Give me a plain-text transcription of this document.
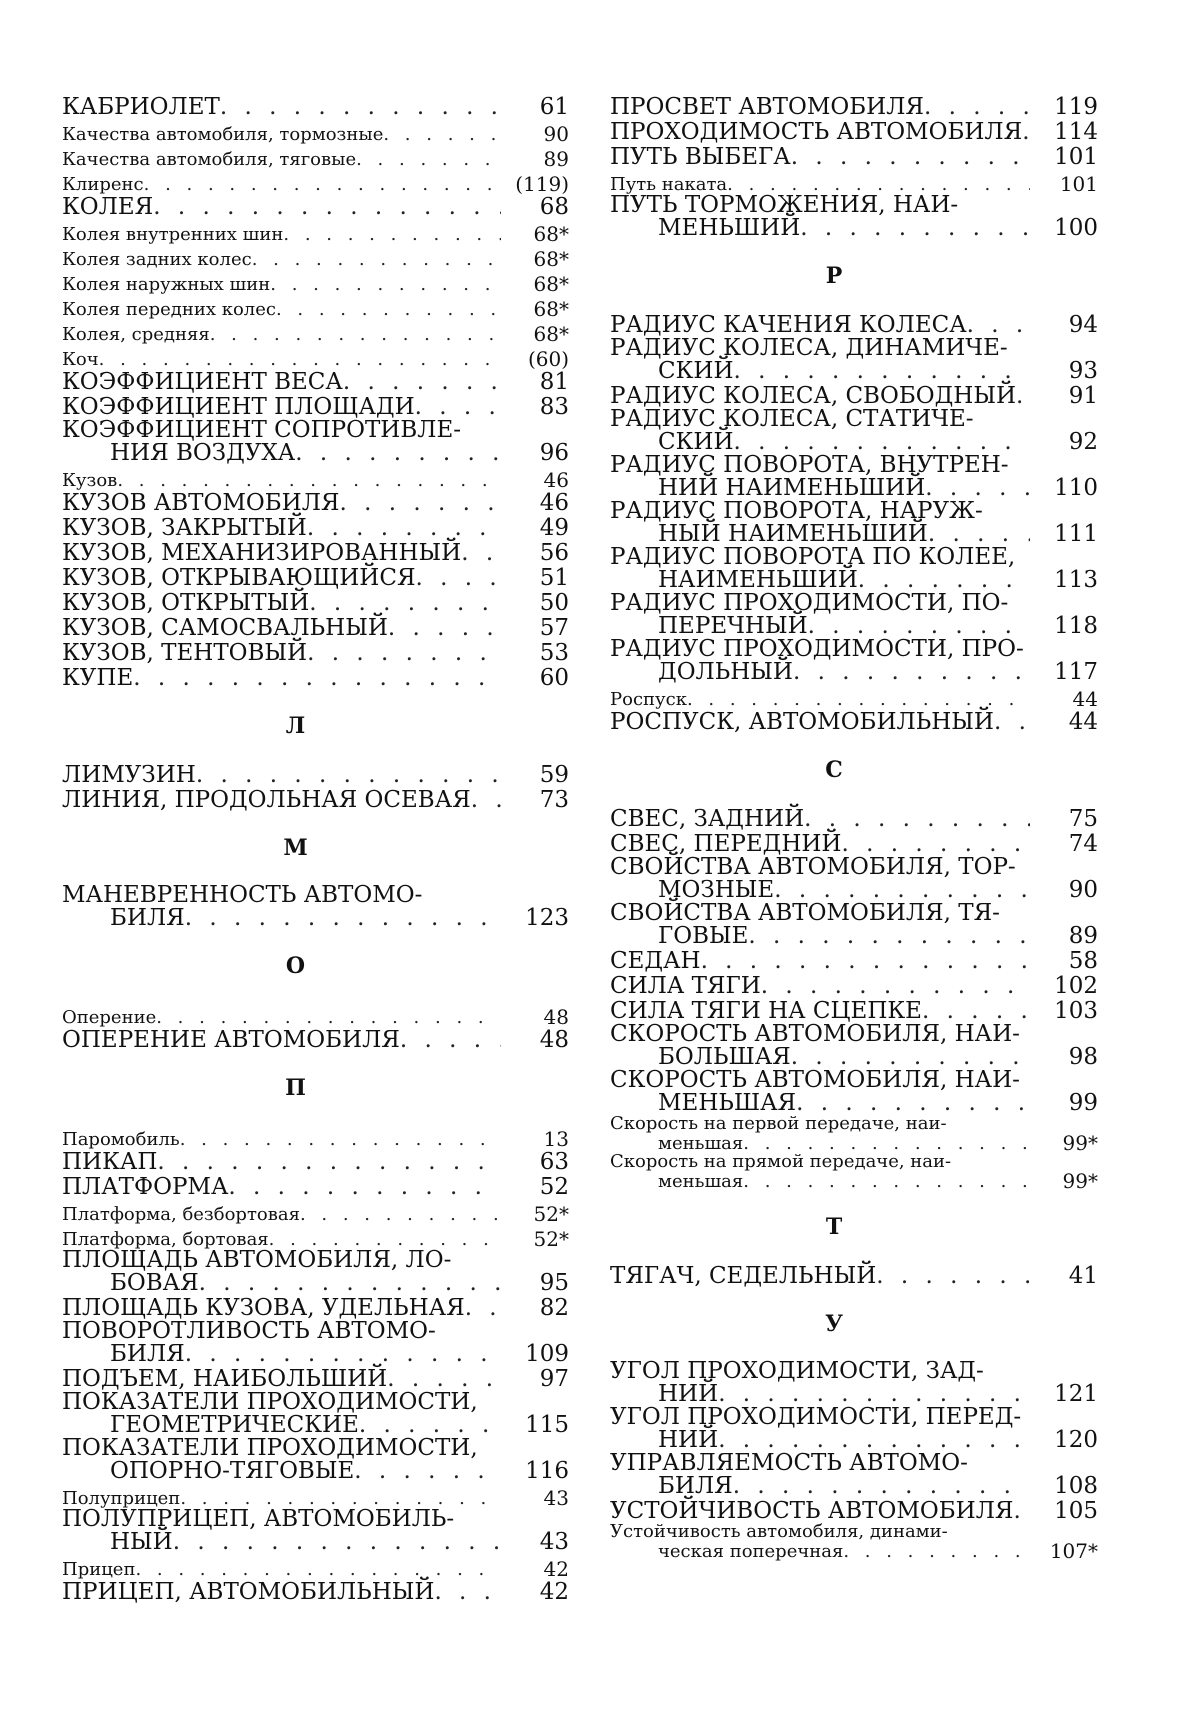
КАБРИОЛЕТ . . . . . . . . . . .	61
Качества автомобиля, тормозные . . . . . .	90
Качества автомобиля, тяговые . . . . . . .	89
Клиренс . . . . . . . . . . . . . . . . . (119)
КОЛЕЯ . . . . . . . . . . . . . .	68
Колея внутренних шин . . . . . . . . . .	68*
Колея задних колес . . . . . . . . . . . .	68*
Колея наружных шин . . . . . . . . . . .	68*
Колея передних колес . . . . . . . . . . .	68*
Колея, средняя . . . . . . . . . . . . . .	68*
Коч . . . . . . . . . . . . . . . . . . .	(60)
КОЭФФИЦИЕНТ ВЕСА . . . . . .	81
КОЭФФИЦИЕНТ ПЛОЩАДИ . . . .	83
КОЭФФИЦИЕНТ СОПРОТИВЛЕ-
НИЯ ВОЗДУХА . . . . . . . .	96
Кузов . . . . . . . . . . . . . . . . . .	46
КУЗОВ АВТОМОБИЛЯ . . . . . . .	46
КУЗОВ, ЗАКРЫТЫЙ . . . . . . . .	49
КУЗОВ, МЕХАНИЗИРОВАННЫЙ . .	56
КУЗОВ, ОТКРЫВАЮЩИЙСЯ . . . .	51
КУЗОВ, ОТКРЫТЫЙ . . . . . . . .	50
КУЗОВ, САМОСВАЛЬНЫЙ . . . . .	57
КУЗОВ, ТЕНТОВЫЙ . . . . . . . .	53
КУПЕ . . . . . . . . . . . . . . .	60
Л
ЛИМУЗИН . . . . . . . . . . . .	59
ЛИНИЯ, ПРОДОЛЬНАЯ ОСЕВАЯ .	73
М
МАНЕВРЕННОСТЬ АВТОМО-
БИЛЯ . . . . . . . . . . . . .	123
О
Оперение . . . . . . . . . . . . . . . .	48
ОПЕРЕНИЕ АВТОМОБИЛЯ . . . .	48
П
Паромобиль . . . . . . . . . . . . . . .	13
ПИКАП . . . . . . . . . . . . . .	63
ПЛАТФОРМА . . . . . . . . . . .	52
Платформа, безбортовая . . . . . . . . .	52*
Платформа, бортовая . . . . . . . . . . .	52*
ПЛОЩАДЬ АВТОМОБИЛЯ, ЛО-
БОВАЯ . . . . . . . . . . . .	95
ПЛОЩАДЬ КУЗОВА, УДЕЛЬНАЯ . .	82
ПОВОРОТЛИВОСТЬ АВТОМО-
БИЛЯ . . . . . . . . . . . . .	109
ПОДЪЕМ, НАИБОЛЬШИЙ . . . . .	97
ПОКАЗАТЕЛИ ПРОХОДИМОСТИ,
ГЕОМЕТРИЧЕСКИЕ . . . . . .	115
ПОКАЗАТЕЛИ ПРОХОДИМОСТИ,
ОПОРНО-ТЯГОВЫЕ . . . . . .	116
Полуприцеп . . . . . . . . . . . . . . .	43
ПОЛУПРИЦЕП, АВТОМОБИЛЬ-
НЫЙ . . . . . . . . . . . . .	43
Прицеп . . . . . . . . . . . . . . . . .	42
ПРИЦЕП, АВТОМОБИЛЬНЫЙ . . .	42
ПРОСВЕТ АВТОМОБИЛЯ . . . .	119
ПРОХОДИМОСТЬ АВТОМОБИЛЯ	114
ПУТЬ ВЫБЕГА . . . . . . . . . .	101
Путь наката . . . . . . . . . . . . . .	101
ПУТЬ ТОРМОЖЕНИЯ, НАИ-
МЕНЬШИЙ . . . . . . . . .	100
Р
РАДИУС КАЧЕНИЯ КОЛЕСА . . .	94
РАДИУС КОЛЕСА, ДИНАМИЧЕ-
СКИЙ . . . . . . . . . . . .	93
РАДИУС КОЛЕСА, СВОБОДНЫЙ .	91
РАДИУС КОЛЕСА, СТАТИЧЕ-
СКИЙ . . . . . . . . . . . .	92
РАДИУС ПОВОРОТА, ВНУТРЕН-
НИЙ НАИМЕНЬШИЙ . . . .	110
РАДИУС ПОВОРОТА, НАРУЖ-
НЫЙ НАИМЕНЬШИЙ . . . .	111
РАДИУС ПОВОРОТА ПО КОЛЕЕ,
НАИМЕНЬШИЙ . . . . . . .	113
РАДИУС ПРОХОДИМОСТИ, ПО-
ПЕРЕЧНЫЙ . . . . . . . . .	118
РАДИУС ПРОХОДИМОСТИ, ПРО-
ДОЛЬНЫЙ . . . . . . . . . .	117
Роспуск . . . . . . . . . . . . . . . .	44
РОСПУСК, АВТОМОБИЛЬНЫЙ . .	44
С
СВЕС, ЗАДНИЙ . . . . . . . . .	75
СВЕС, ПЕРЕДНИЙ . . . . . . . .	74
СВОЙСТВА АВТОМОБИЛЯ, ТОР-
МОЗНЫЕ . . . . . . . . . .	90
СВОЙСТВА АВТОМОБИЛЯ, ТЯ-
ГОВЫЕ . . . . . . . . . . .	89
СЕДАН . . . . . . . . . . . . .	58
СИЛА ТЯГИ . . . . . . . . . . .	102
СИЛА ТЯГИ НА СЦЕПКЕ . . . .	103
СКОРОСТЬ АВТОМОБИЛЯ, НАИ-
БОЛЬШАЯ . . . . . . . . . .	98
СКОРОСТЬ АВТОМОБИЛЯ, НАИ-
МЕНЬШАЯ . . . . . . . . . .	99
Скорость на первой передаче, наи-
меньшая . . . . . . . . . . . . .	99*
Скорость на прямой передаче, наи-
меньшая . . . . . . . . . . . . .	99*
Т
ТЯГАЧ, СЕДЕЛЬНЫЙ . . . . . .	41
У
УГОЛ ПРОХОДИМОСТИ, ЗАД-
НИЙ . . . . . . . . . . . . .	121
УГОЛ ПРОХОДИМОСТИ, ПЕРЕД-
НИЙ . . . . . . . . . . . . .	120
УПРАВЛЯЕМОСТЬ АВТОМО-
БИЛЯ . . . . . . . . . . . .	108
УСТОЙЧИВОСТЬ АВТОМОБИЛЯ .	105
Устойчивость автомобиля, динами-
ческая поперечная . . . . . . . . .	107*
